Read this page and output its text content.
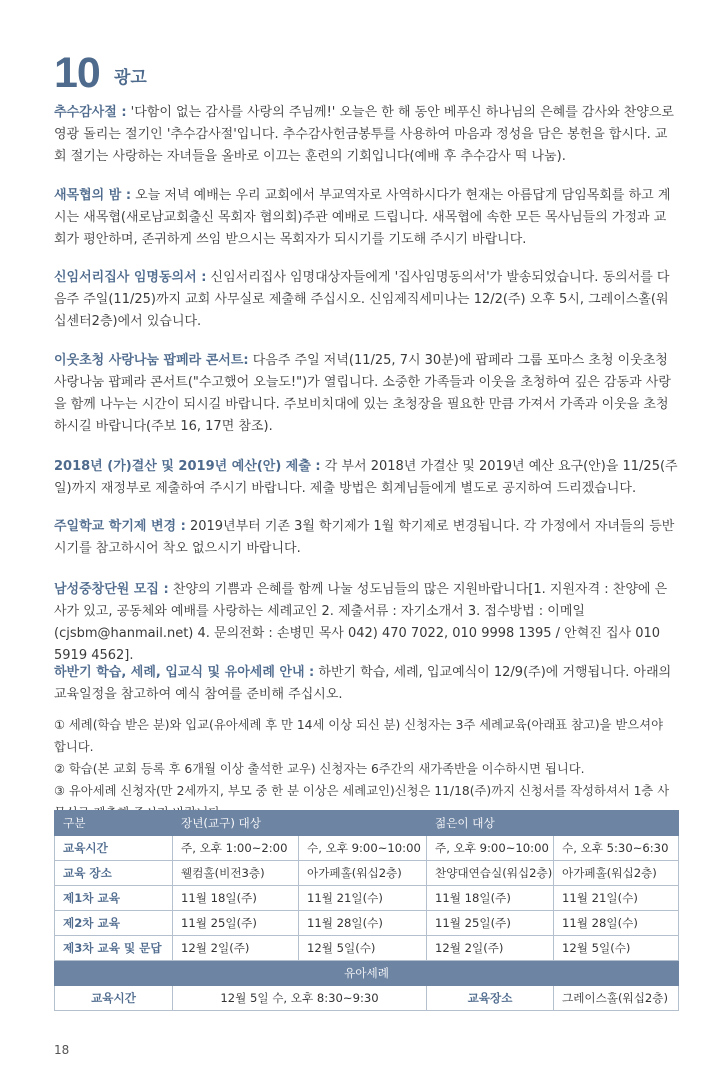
10 광고

추수감사절 : '다함이 없는 감사를 사랑의 주님께!' 오늘은 한 해 동안 베푸신 하나님의 은혜를 감사와 찬양으로 영광 돌리는 절기인 '추수감사절'입니다. 추수감사헌금봉투를 사용하여 마음과 정성을 담은 봉헌을 합시다. 교회 절기는 사랑하는 자녀들을 올바로 이끄는 훈련의 기회입니다(예배 후 추수감사 떡 나눔).

새목협의 밤 : 오늘 저녁 예배는 우리 교회에서 부교역자로 사역하시다가 현재는 아름답게 담임목회를 하고 계시는 새목협(새로남교회출신 목회자 협의회)주관 예배로 드립니다. 새목협에 속한 모든 목사님들의 가정과 교회가 평안하며, 존귀하게 쓰임 받으시는 목회자가 되시기를 기도해 주시기 바랍니다.

신임서리집사 임명동의서 : 신임서리집사 임명대상자들에게 '집사임명동의서'가 발송되었습니다. 동의서를 다음주 주일(11/25)까지 교회 사무실로 제출해 주십시오. 신임제직세미나는 12/2(주) 오후 5시, 그레이스홀(워십센터2층)에서 있습니다.

이웃초청 사랑나눔 팝페라 콘서트: 다음주 주일 저녁(11/25, 7시 30분)에 팝페라 그룹 포마스 초청 이웃초청 사랑나눔 팝페라 콘서트("수고했어 오늘도!")가 열립니다. 소중한 가족들과 이웃을 초청하여 깊은 감동과 사랑을 함께 나누는 시간이 되시길 바랍니다. 주보비치대에 있는 초청장을 필요한 만큼 가져서 가족과 이웃을 초청하시길 바랍니다(주보 16, 17면 참조).

2018년 (가)결산 및 2019년 예산(안) 제출 : 각 부서 2018년 가결산 및 2019년 예산 요구(안)을 11/25(주일)까지 재정부로 제출하여 주시기 바랍니다. 제출 방법은 회계님들에게 별도로 공지하여 드리겠습니다.

주일학교 학기제 변경 : 2019년부터 기존 3월 학기제가 1월 학기제로 변경됩니다. 각 가정에서 자녀들의 등반 시기를 참고하시어 착오 없으시기 바랍니다.

남성중창단원 모집 : 찬양의 기쁨과 은혜를 함께 나눌 성도님들의 많은 지원바랍니다[1. 지원자격 : 찬양에 은사가 있고, 공동체와 예배를 사랑하는 세례교인 2. 제출서류 : 자기소개서 3. 접수방법 : 이메일(cjsbm@hanmail.net) 4. 문의전화 : 손병민 목사 042) 470 7022, 010 9998 1395 / 안혁진 집사 010 5919 4562].

하반기 학습, 세례, 입교식 및 유아세례 안내 : 하반기 학습, 세례, 입교예식이 12/9(주)에 거행됩니다. 아래의 교육일정을 참고하여 예식 참여를 준비해 주십시오.

① 세례(학습 받은 분)와 입교(유아세례 후 만 14세 이상 되신 분) 신청자는 3주 세례교육(아래표 참고)을 받으셔야 합니다.
② 학습(본 교회 등록 후 6개월 이상 출석한 교우) 신청자는 6주간의 새가족반을 이수하시면 됩니다.
③ 유아세례 신청자(만 2세까지, 부모 중 한 분 이상은 세례교인)신청은 11/18(주)까지 신청서를 작성하셔서 1층 사
구분	장년(교구) 대상		젊은이 대상	
교육시간	주, 오후 1:00~2:00	수, 오후 9:00~10:00	주, 오후 9:00~10:00	수, 오후 5:30~6:30
교육 장소	웰컴홀(비전3층)	아가페홀(워십2층)	찬양대연습실(워십2층)	아가페홀(워십2층)
제1차 교육	11월 18일(주)	11월 21일(수)	11월 18일(주)	11월 21일(수)
제2차 교육	11월 25일(주)	11월 28일(수)	11월 25일(주)	11월 28일(수)
제3차 교육 및 문답	12월 2일(주)	12월 5일(수)	12월 2일(주)	12월 5일(수)
유아세례				
교육시간	12월 5일 수, 오후 8:30~9:30		교육장소	그레이스홀(워십2층)
18
